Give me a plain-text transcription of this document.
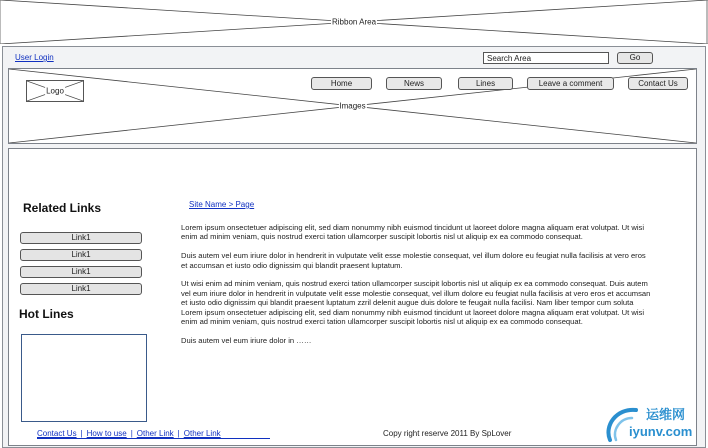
Ribbon Area
User Login
Search Area	Go
Images
Logo
Home	News	Lines	Leave a comment	Contact Us
Related Links
Link1
Link1
Link1
Link1
Hot Lines
Site Name > Page

Lorem ipsum onsectetuer adipiscing elit, sed diam nonummy nibh euismod tincidunt ut laoreet dolore magna aliquam erat volutpat. Ut wisi enim ad minim veniam, quis nostrud exerci tation ullamcorper suscipit lobortis nisl ut aliquip ex ea commodo consequat.

Duis autem vel eum iriure dolor in hendrerit in vulputate velit esse molestie consequat, vel illum dolore eu feugiat nulla facilisis at vero eros et accumsan et iusto odio dignissim qui blandit praesent luptatum.

Ut wisi enim ad minim veniam, quis nostrud exerci tation ullamcorper suscipit lobortis nisl ut aliquip ex ea commodo consequat. Duis autem vel eum iriure dolor in hendrerit in vulputate velit esse molestie consequat, vel illum dolore eu feugiat nulla facilisis at vero eros et accumsan et iusto odio dignissim qui blandit praesent luptatum zzril delenit augue duis dolore te feugait nulla facilisi. Nam liber tempor cum soluta

Lorem ipsum onsectetuer adipiscing elit, sed diam nonummy nibh euismod tincidunt ut laoreet dolore magna aliquam erat volutpat. Ut wisi enim ad minim veniam, quis nostrud exerci tation ullamcorper suscipit lobortis nisl ut aliquip ex ea commodo consequat.

Duis autem vel eum iriure dolor in ……

Contact Us | How to use | Other Link | Other Link	Copy right reserve 2011 By SpLover
运维网
iyunv.com
